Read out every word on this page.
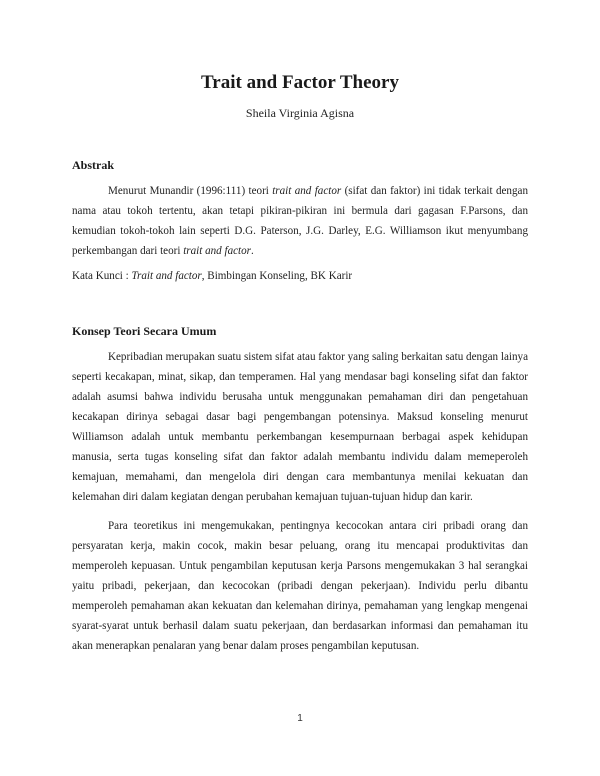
Trait and Factor Theory
Sheila Virginia Agisna
Abstrak

Menurut Munandir (1996:111) teori trait and factor (sifat dan faktor) ini tidak terkait dengan nama atau tokoh tertentu, akan tetapi pikiran-pikiran ini bermula dari gagasan F.Parsons, dan kemudian tokoh-tokoh lain seperti D.G. Paterson, J.G. Darley, E.G. Williamson ikut menyumbang perkembangan dari teori trait and factor.

Kata Kunci : Trait and factor, Bimbingan Konseling, BK Karir

Konsep Teori Secara Umum

Kepribadian merupakan suatu sistem sifat atau faktor yang saling berkaitan satu dengan lainya seperti kecakapan, minat, sikap, dan temperamen. Hal yang mendasar bagi konseling sifat dan faktor adalah asumsi bahwa individu berusaha untuk menggunakan pemahaman diri dan pengetahuan kecakapan dirinya sebagai dasar bagi pengembangan potensinya. Maksud konseling menurut Williamson adalah untuk membantu perkembangan kesempurnaan berbagai aspek kehidupan manusia, serta tugas konseling sifat dan faktor adalah membantu individu dalam memeperoleh kemajuan, memahami, dan mengelola diri dengan cara membantunya menilai kekuatan dan kelemahan diri dalam kegiatan dengan perubahan kemajuan tujuan-tujuan hidup dan karir.

Para teoretikus ini mengemukakan, pentingnya kecocokan antara ciri pribadi orang dan persyaratan kerja, makin cocok, makin besar peluang, orang itu mencapai produktivitas dan memperoleh kepuasan. Untuk pengambilan keputusan kerja Parsons mengemukakan 3 hal serangkai yaitu pribadi, pekerjaan, dan kecocokan (pribadi dengan pekerjaan). Individu perlu dibantu memperoleh pemahaman akan kekuatan dan kelemahan dirinya, pemahaman yang lengkap mengenai syarat-syarat untuk berhasil dalam suatu pekerjaan, dan berdasarkan informasi dan pemahaman itu akan menerapkan penalaran yang benar dalam proses pengambilan keputusan.

1
